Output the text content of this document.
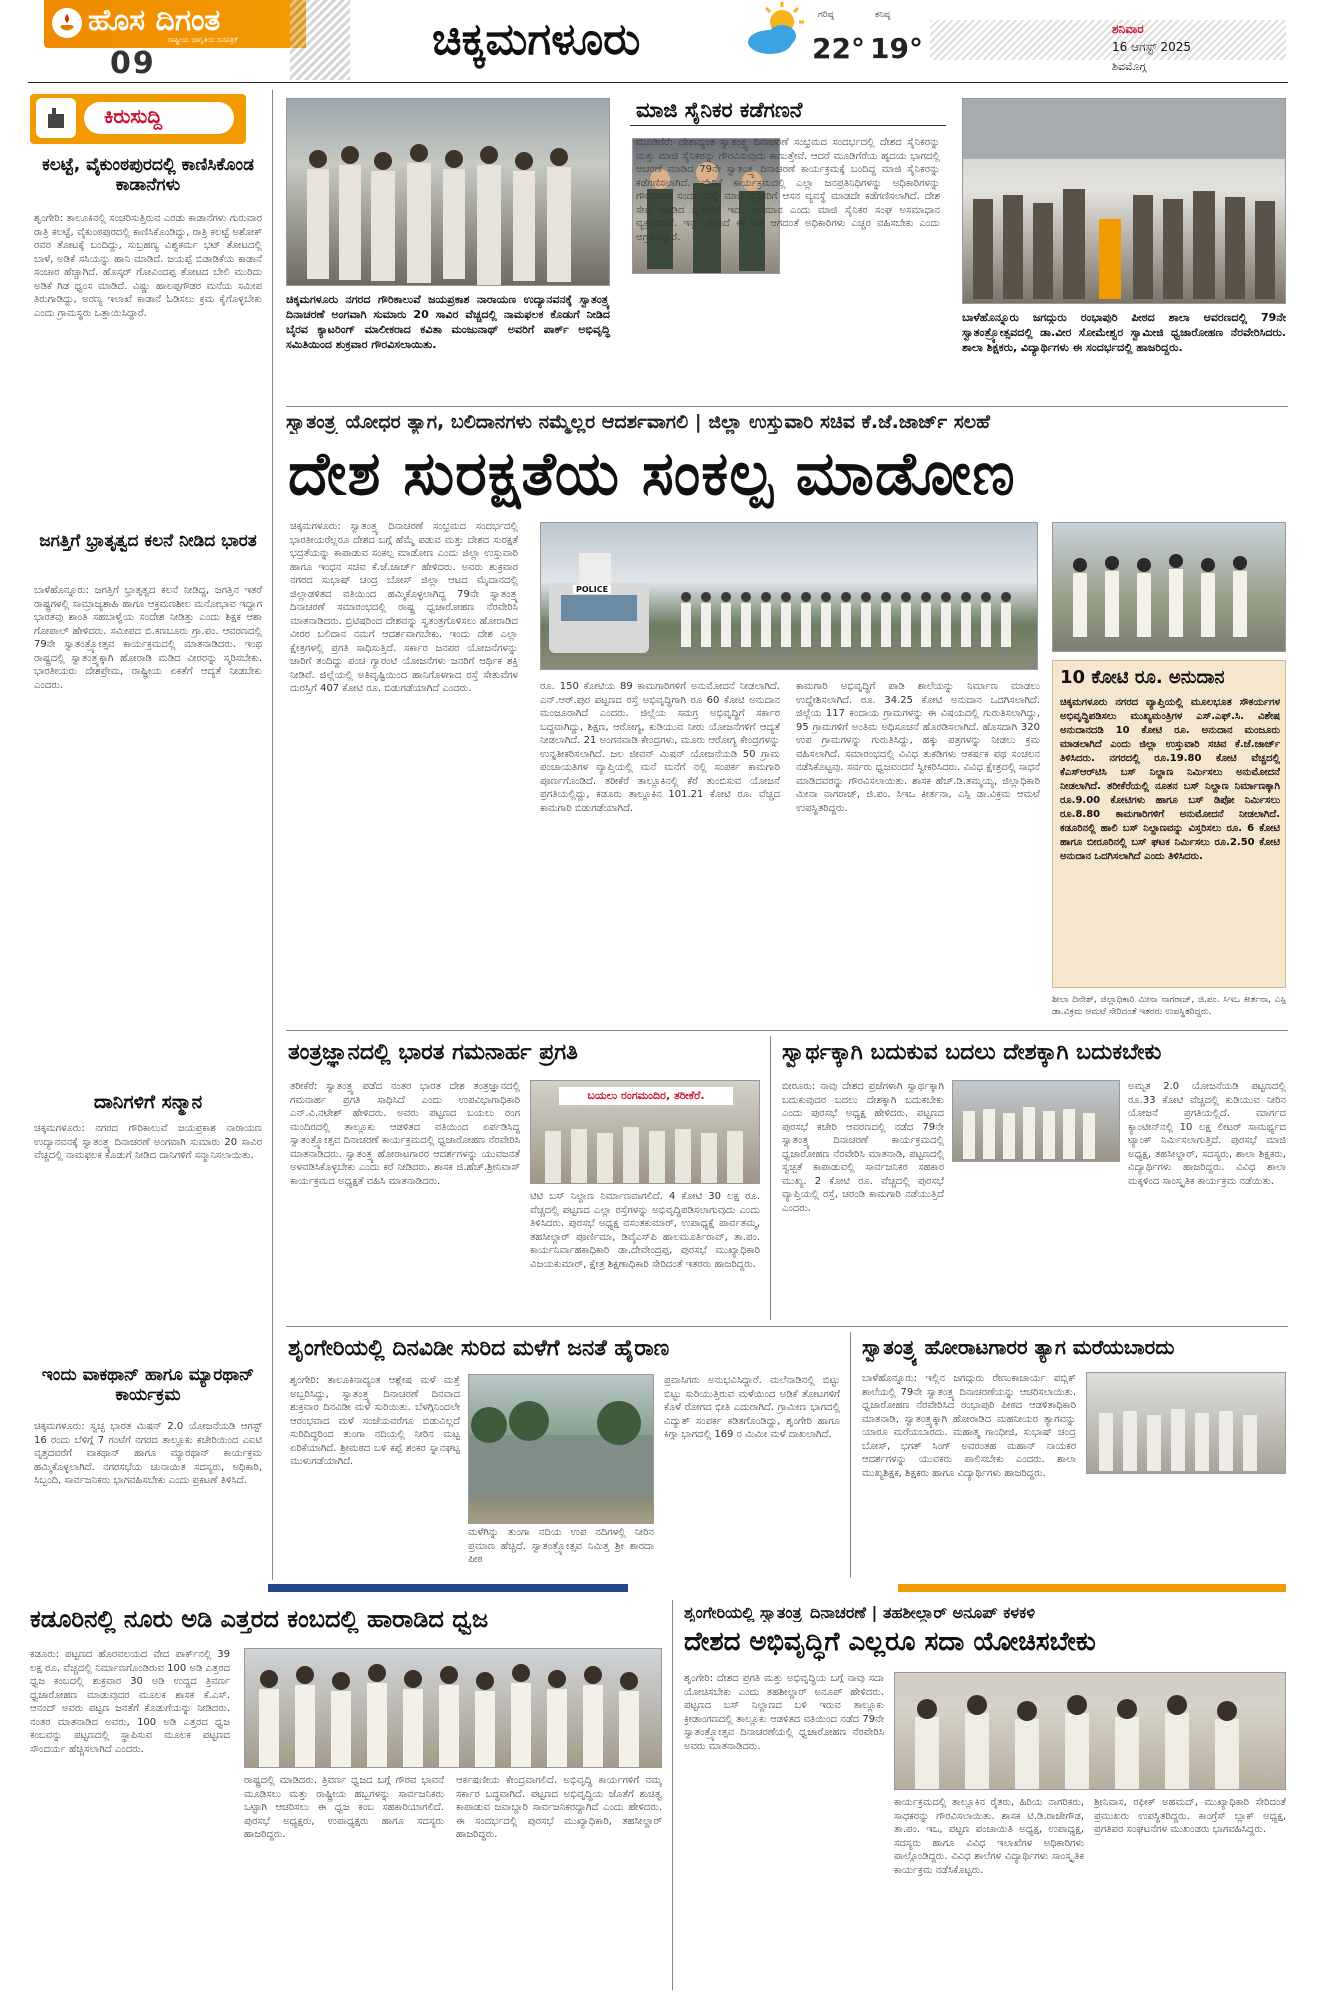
ಹೊಸ ದಿಗಂತ
ರಾಷ್ಟ್ರೀಯ ಜಾಗೃತಿಯ ದಿನಪತ್ರಿಕೆ
09	ಚಿಕ್ಕಮಗಳೂರು	ಗರಿಷ್ಠ
22°
ಕನಿಷ್ಠ
19°
ಶನಿವಾರ
16 ಆಗಸ್ಟ್ 2025
ಶಿವಮೊಗ್ಗ
ಕಿರುಸುದ್ದಿ
ಕಲಟ್ಟೆ, ವೈಕುಂಠಪುರದಲ್ಲಿ ಕಾಣಿಸಿಕೊಂಡ ಕಾಡಾನೆಗಳು
ಶೃಂಗೇರಿ: ತಾಲೂಕಿನಲ್ಲಿ ಸಂಚರಿಸುತ್ತಿರುವ ಎರಡು ಕಾಡಾನೆಗಳು ಗುರುವಾರ ರಾತ್ರಿ ಕಲಟ್ಟೆ, ವೈಕುಂಠಪುರದಲ್ಲಿ ಕಾಣಿಸಿಕೊಂಡಿದ್ದು, ರಾತ್ರಿ ಕಲಟ್ಟೆ ಅಶೋಕ್ ರವರ ತೋಟಕ್ಕೆ ಬಂದಿದ್ದು, ಸುಬ್ರಹಣ್ಯ ವಿಶ್ವಕರ್ಮ ಭಟ್ ತೋಟದಲ್ಲಿ ಬಾಳೆ, ಅಡಿಕೆ ಸಸಿಯನ್ನು ಹಾನಿ ಮಾಡಿದೆ. ಜಯಪ್ಪೆ ಬಿಡಾಡಿಕೆಯ ಕಾಡಾನೆ ಸಂಚಾರ ಹೆಚ್ಚಾಗಿದೆ. ಹೊಸ್ಕರ್ ಗೋವಿಂದಪ್ಪ ತೋಟದ ಬೇಲಿ ಮುರಿದು ಅಡಿಕೆ ಗಿಡ ಧ್ವಂಸ ಮಾಡಿದೆ. ವಿಷ್ಣು ಹಾಲಪ್ಪಗೌಡರ ಮನೆಯ ಸಮೀಪ ತಿರುಗಾಡಿದ್ದು, ಅರಣ್ಯ ಇಲಾಖೆ ಕಾಡಾನೆ ಓಡಿಸಲು ಕ್ರಮ ಕೈಗೊಳ್ಳಬೇಕು ಎಂದು ಗ್ರಾಮಸ್ಥರು ಒತ್ತಾಯಿಸಿದ್ದಾರೆ.
ಜಗತ್ತಿಗೆ ಭ್ರಾತೃತ್ವದ ಕಲನೆ ನೀಡಿದ ಭಾರತ
ಬಾಳೆಹೊನ್ನೂರು: ಜಗತ್ತಿಗೆ ಭ್ರಾತೃತ್ವದ ಕಲನೆ ನೀಡಿದ್ದ, ಜಗತ್ತಿನ ಇತರೆ ರಾಷ್ಟ್ರಗಳಲ್ಲಿ ಸಾಮ್ರಾಜ್ಯಶಾಹಿ ಹಾಗೂ ಆಕ್ರಮಣಶೀಲ ಮನೋಭಾವ ಇದ್ದಾಗ ಭಾರತವು ಶಾಂತಿ ಸಹಬಾಳ್ವೆಯ ಸಂದೇಶ ನೀಡಿತ್ತು ಎಂದು ಶಿಕ್ಷಕ ಆಶಾ ಗೋಪಾಲ್ ಹೇಳಿದರು. ಸಮೀಪದ ಬಿ.ಕಣಬೂರು ಗ್ರಾ.ಪಂ. ಆವರಣದಲ್ಲಿ 79ನೇ ಸ್ವಾತಂತ್ರ್ಯೋತ್ಸವ ಕಾರ್ಯಕ್ರಮದಲ್ಲಿ ಮಾತನಾಡಿದರು. ಇಂಥ ರಾಷ್ಟ್ರದಲ್ಲಿ ಸ್ವಾತಂತ್ರ್ಯಕ್ಕಾಗಿ ಹೋರಾಡಿ ಮಡಿದ ವೀರರನ್ನು ಸ್ಮರಿಸಬೇಕು. ಭಾರತೀಯರು ದೇಶಪ್ರೇಮ, ರಾಷ್ಟ್ರೀಯ ಏಕತೆಗೆ ಆದ್ಯತೆ ನೀಡಬೇಕು ಎಂದರು.
ದಾನಿಗಳಿಗೆ ಸನ್ಮಾನ
ಚಿಕ್ಕಮಗಳೂರು: ನಗರದ ಗೌರಿಕಾಲುವೆ ಜಯಪ್ರಕಾಶ ನಾರಾಯಣ ಉದ್ಯಾನವನಕ್ಕೆ ಸ್ವಾತಂತ್ರ್ಯ ದಿನಾಚರಣೆ ಅಂಗವಾಗಿ ಸುಮಾರು 20 ಸಾವಿರ ವೆಚ್ಚದಲ್ಲಿ ನಾಮಫಲಕ ಕೊಡುಗೆ ನೀಡಿದ ದಾನಿಗಳಿಗೆ ಸನ್ಮಾನಿಸಲಾಯಿತು.
ಇಂದು ವಾಕಥಾನ್ ಹಾಗೂ ಮ್ಯಾರಥಾನ್ ಕಾರ್ಯಕ್ರಮ
ಚಿಕ್ಕಮಗಳೂರು: ಸ್ವಚ್ಛ ಭಾರತ ಮಿಷನ್ 2.0 ಯೋಜನೆಯಡಿ ಆಗಸ್ಟ್ 16 ರಂದು ಬೆಳಿಗ್ಗೆ 7 ಗಂಟೆಗೆ ನಗರದ ತಾಲ್ಲೂಕು ಕಚೇರಿಯಿಂದ ಎಐಟಿ ವೃತ್ತದವರೆಗೆ ವಾಕಥಾನ್ ಹಾಗೂ ಮ್ಯಾರಥಾನ್ ಕಾರ್ಯಕ್ರಮ ಹಮ್ಮಿಕೊಳ್ಳಲಾಗಿದೆ. ನಗರಸಭೆಯ ಚುನಾಯಿತ ಸದಸ್ಯರು, ಅಧಿಕಾರಿ, ಸಿಬ್ಬಂದಿ, ಸಾರ್ವಜನಿಕರು ಭಾಗವಹಿಸಬೇಕು ಎಂದು ಪ್ರಕಟಣೆ ತಿಳಿಸಿದೆ.
ಚಿಕ್ಕಮಗಳೂರು ನಗರದ ಗೌರಿಕಾಲುವೆ ಜಯಪ್ರಕಾಶ ನಾರಾಯಣ ಉದ್ಯಾನವನಕ್ಕೆ ಸ್ವಾತಂತ್ರ್ಯ ದಿನಾಚರಣೆ ಅಂಗವಾಗಿ ಸುಮಾರು 20 ಸಾವಿರ ವೆಚ್ಚದಲ್ಲಿ ನಾಮಫಲಕ ಕೊಡುಗೆ ನೀಡಿದ ಬೈರವ ಕ್ಯಾಟರಿಂಗ್ ಮಾಲೀಕರಾದ ಕವಿತಾ ಮಂಜುನಾಥ್ ಅವರಿಗೆ ಪಾರ್ಕ್ ಅಭಿವೃದ್ಧಿ ಸಮಿತಿಯಿಂದ ಶುಕ್ರವಾರ ಗೌರವಿಸಲಾಯಿತು.
ಮಾಜಿ ಸೈನಿಕರ ಕಡೆಗಣನೆ
ಮೂಡಿಗೆರೆ: ದೇಶಾದ್ಯಂತ ಸ್ವಾತಂತ್ರ್ಯ ದಿನಾಚರಣೆ ಸಂಭ್ರಮದ ಸಂದರ್ಭದಲ್ಲಿ ದೇಶದ ಸೈನಿಕರನ್ನು ಮತ್ತು ಮಾಜಿ ಸೈನಿಕರನ್ನು ಗೌರವಿಸುವುದು ಕಾಣುತ್ತೇವೆ. ಆದರೆ ಮೂಡಿಗೆರೆಯ ಹೃದಯ ಭಾಗದಲ್ಲಿ ಆಚರಣೆ ಮಾಡಿದ 79ನೇ ಸ್ವಾತಂತ್ರ್ಯ ದಿನಾಚರಣೆ ಕಾರ್ಯಕ್ರಮಕ್ಕೆ ಬಂದಿದ್ದ ಮಾಜಿ ಸೈನಿಕರನ್ನು ಕಡೆಗಣಿಸಲಾಗಿದೆ. ವೇದಿಕೆ ಕಾರ್ಯಕ್ರಮದಲ್ಲಿ ಎಲ್ಲಾ ಜನಪ್ರತಿನಿಧಿಗಳನ್ನು ಅಧಿಕಾರಿಗಳನ್ನು ಗೌರವಿಸುವ ಸಂದರ್ಭದಲ್ಲಿ ಮಾಜಿ ಸೈನಿಕರಿಗೆ ಆಸನ ವ್ಯವಸ್ಥೆ ಮಾಡದೇ ಕಡೆಗಣಿಸಲಾಗಿದೆ. ದೇಶ ಸೇವೆ ಮಾಡಿದ ಸೈನಿಕರಿಗೆ ಇದು ಅವಮಾನ ಎಂದು ಮಾಜಿ ಸೈನಿಕರ ಸಂಘ ಅಸಮಾಧಾನ ವ್ಯಕ್ತಪಡಿಸಿದೆ. ಇನ್ನು ಮುಂದೆ ಈ ರೀತಿ ಆಗದಂತೆ ಅಧಿಕಾರಿಗಳು ಎಚ್ಚರ ವಹಿಸಬೇಕು ಎಂದು ಆಗ್ರಹಿಸಿದ್ದಾರೆ.
ಬಾಳೆಹೊನ್ನೂರು ಜಗದ್ಗುರು ರಂಭಾಪುರಿ ಪೀಠದ ಶಾಲಾ ಆವರಣದಲ್ಲಿ 79ನೇ ಸ್ವಾತಂತ್ರ್ಯೋತ್ಸವದಲ್ಲಿ ಡಾ.ವೀರ ಸೋಮೇಶ್ವರ ಸ್ವಾಮೀಜಿ ಧ್ವಜಾರೋಹಣ ನೆರವೇರಿಸಿದರು. ಶಾಲಾ ಶಿಕ್ಷಕರು, ವಿದ್ಯಾರ್ಥಿಗಳು ಈ ಸಂದರ್ಭದಲ್ಲಿ ಹಾಜರಿದ್ದರು.
ಸ್ವಾತಂತ್ರ್ಯ ಯೋಧರ ತ್ಯಾಗ, ಬಲಿದಾನಗಳು ನಮ್ಮೆಲ್ಲರ ಆದರ್ಶವಾಗಲಿ | ಜಿಲ್ಲಾ ಉಸ್ತುವಾರಿ ಸಚಿವ ಕೆ.ಜೆ.ಜಾರ್ಜ್ ಸಲಹೆ
ದೇಶ ಸುರಕ್ಷತೆಯ ಸಂಕಲ್ಪ ಮಾಡೋಣ
ಚಿಕ್ಕಮಗಳೂರು: ಸ್ವಾತಂತ್ರ್ಯ ದಿನಾಚರಣೆ ಸಂಭ್ರಮದ ಸಂದರ್ಭದಲ್ಲಿ ಭಾರತೀಯರೆಲ್ಲರೂ ದೇಶದ ಬಗ್ಗೆ ಹೆಮ್ಮೆ ಪಡುವ ಮತ್ತು ದೇಶದ ಸುರಕ್ಷತೆ ಭದ್ರತೆಯನ್ನು ಕಾಪಾಡುವ ಸಂಕಲ್ಪ ಮಾಡೋಣ ಎಂದು ಜಿಲ್ಲಾ ಉಸ್ತುವಾರಿ ಹಾಗೂ ಇಂಧನ ಸಚಿವ ಕೆ.ಜೆ.ಜಾರ್ಜ್ ಹೇಳಿದರು. ಅವರು ಶುಕ್ರವಾರ ನಗರದ ಸುಭಾಷ್ ಚಂದ್ರ ಬೋಸ್ ಜಿಲ್ಲಾ ಆಟದ ಮೈದಾನದಲ್ಲಿ ಜಿಲ್ಲಾಡಳಿತದ ವತಿಯಿಂದ ಹಮ್ಮಿಕೊಳ್ಳಲಾಗಿದ್ದ 79ನೇ ಸ್ವಾತಂತ್ರ್ಯ ದಿನಾಚರಣೆ ಸಮಾರಂಭದಲ್ಲಿ ರಾಷ್ಟ್ರ ಧ್ವಜಾರೋಹಣ ನೆರವೇರಿಸಿ ಮಾತನಾಡಿದರು. ಬ್ರಿಟಿಷರಿಂದ ದೇಶವನ್ನು ಸ್ವತಂತ್ರಗೊಳಿಸಲು ಹೋರಾಡಿದ ವೀರರ ಬಲಿದಾನ ನಮಗೆ ಆದರ್ಶವಾಗಬೇಕು. ಇಂದು ದೇಶ ಎಲ್ಲಾ ಕ್ಷೇತ್ರಗಳಲ್ಲಿ ಪ್ರಗತಿ ಸಾಧಿಸುತ್ತಿದೆ. ಸರ್ಕಾರ ಜನಪರ ಯೋಜನೆಗಳನ್ನು ಜಾರಿಗೆ ತಂದಿದ್ದು ಪಂಚ ಗ್ಯಾರಂಟಿ ಯೋಜನೆಗಳು ಜನರಿಗೆ ಆರ್ಥಿಕ ಶಕ್ತಿ ನೀಡಿವೆ. ಜಿಲ್ಲೆಯಲ್ಲಿ ಅತಿವೃಷ್ಟಿಯಿಂದ ಹಾನಿಗೊಳಗಾದ ರಸ್ತೆ ಸೇತುವೆಗಳ ದುರಸ್ತಿಗೆ 407 ಕೋಟಿ ರೂ. ಬಿಡುಗಡೆಯಾಗಿದೆ ಎಂದರು.
POLICE
ರೂ. 150 ಕೋಟಿಯ 89 ಕಾಮಗಾರಿಗಳಿಗೆ ಅನುಮೋದನೆ ನೀಡಲಾಗಿದೆ. ಎನ್.ಆರ್.ಪುರ ಪಟ್ಟಣದ ರಸ್ತೆ ಅಭಿವೃದ್ಧಿಗಾಗಿ ರೂ 60 ಕೋಟಿ ಅನುದಾನ ಮಂಜೂರಾಗಿದೆ ಎಂದರು. ಜಿಲ್ಲೆಯ ಸಮಗ್ರ ಅಭಿವೃದ್ಧಿಗೆ ಸರ್ಕಾರ ಬದ್ಧವಾಗಿದ್ದು, ಶಿಕ್ಷಣ, ಆರೋಗ್ಯ, ಕುಡಿಯುವ ನೀರು ಯೋಜನೆಗಳಿಗೆ ಆದ್ಯತೆ ನೀಡಲಾಗಿದೆ. 21 ಅಂಗನವಾಡಿ ಕೇಂದ್ರಗಳು, ಮೂರು ಆರೋಗ್ಯ ಕೇಂದ್ರಗಳನ್ನು ಉನ್ನತೀಕರಿಸಲಾಗಿದೆ. ಜಲ ಜೀವನ್ ಮಿಷನ್ ಯೋಜನೆಯಡಿ 50 ಗ್ರಾಮ ಪಂಚಾಯತಿಗಳ ವ್ಯಾಪ್ತಿಯಲ್ಲಿ ಮನೆ ಮನೆಗೆ ನಲ್ಲಿ ಸಂಪರ್ಕ ಕಾಮಗಾರಿ ಪೂರ್ಣಗೊಂಡಿದೆ. ತರೀಕೆರೆ ತಾಲ್ಲೂಕಿನಲ್ಲಿ ಕೆರೆ ತುಂಬಿಸುವ ಯೋಜನೆ ಪ್ರಗತಿಯಲ್ಲಿದ್ದು, ಕಡೂರು ತಾಲ್ಲೂಕಿನ 101.21 ಕೋಟಿ ರೂ. ವೆಚ್ಚದ ಕಾಮಗಾರಿ ಬಿಡುಗಡೆಯಾಗಿದೆ.
ಕಾಮಗಾರಿ ಅಭಿವೃದ್ಧಿಗೆ ಪಾಡಿ ಶಾಲೆಯನ್ನು ನಿರ್ಮಾಣ ಮಾಡಲು ಉದ್ದೇಶಿಸಲಾಗಿದೆ. ರೂ. 34.25 ಕೋಟಿ ಅನುದಾನ ಒದಗಿಸಲಾಗಿದೆ. ಜಿಲ್ಲೆಯ 117 ಕಂದಾಯ ಗ್ರಾಮಗಳನ್ನು ಈ ವಿಷಯದಲ್ಲಿ ಗುರುತಿಸಲಾಗಿದ್ದು, 95 ಗ್ರಾಮಗಳಿಗೆ ಅಂತಿಮ ಅಧಿಸೂಚನೆ ಹೊರಡಿಸಲಾಗಿದೆ. ಹೊಸದಾಗಿ 320 ಉಪ ಗ್ರಾಮಗಳನ್ನು ಗುರುತಿಸಿದ್ದು, ಹಕ್ಕು ಪತ್ರಗಳನ್ನು ನೀಡಲು ಕ್ರಮ ವಹಿಸಲಾಗಿದೆ. ಸಮಾರಂಭದಲ್ಲಿ ವಿವಿಧ ತುಕಡಿಗಳು ಆಕರ್ಷಕ ಪಥ ಸಂಚಲನ ನಡೆಸಿಕೊಟ್ಟವು. ಸರ್ವರು ಧ್ವಜವಂದನೆ ಸ್ವೀಕರಿಸಿದರು. ವಿವಿಧ ಕ್ಷೇತ್ರದಲ್ಲಿ ಸಾಧನೆ ಮಾಡಿದವರನ್ನು ಗೌರವಿಸಲಾಯಿತು. ಶಾಸಕ ಹೆಚ್.ಡಿ.ತಮ್ಮಯ್ಯ, ಜಿಲ್ಲಾಧಿಕಾರಿ ಮೀನಾ ನಾಗರಾಜ್, ಜಿ.ಪಂ. ಸಿಇಒ ಕೀರ್ತನಾ, ಎಸ್ಪಿ ಡಾ.ವಿಕ್ರಮ ಆಮಟೆ ಉಪಸ್ಥಿತರಿದ್ದರು.
10 ಕೋಟಿ ರೂ. ಅನುದಾನ
ಚಿಕ್ಕಮಗಳೂರು ನಗರದ ವ್ಯಾಪ್ತಿಯಲ್ಲಿ ಮೂಲಭೂತ ಸೌಕರ್ಯಗಳ ಅಭಿವೃದ್ಧಿಪಡಿಸಲು ಮುಖ್ಯಮಂತ್ರಿಗಳ ಎಸ್.ಎಫ್.ಸಿ. ವಿಶೇಷ ಅನುದಾನದಡಿ 10 ಕೋಟಿ ರೂ. ಅನುದಾನ ಮಂಜೂರು ಮಾಡಲಾಗಿದೆ ಎಂದು ಜಿಲ್ಲಾ ಉಸ್ತುವಾರಿ ಸಚಿವ ಕೆ.ಜೆ.ಜಾರ್ಜ್ ತಿಳಿಸಿದರು. ನಗರದಲ್ಲಿ ರೂ.19.80 ಕೋಟಿ ವೆಚ್ಚದಲ್ಲಿ ಕೆಎಸ್ಆರ್‌ಟಿಸಿ ಬಸ್ ನಿಲ್ದಾಣ ನಿರ್ಮಿಸಲು ಅನುಮೋದನೆ ನೀಡಲಾಗಿದೆ. ತರೀಕೆರೆಯಲ್ಲಿ ನೂತನ ಬಸ್ ನಿಲ್ದಾಣ ನಿರ್ಮಾಣಕ್ಕಾಗಿ ರೂ.9.00 ಕೋಟಿಗಳು ಹಾಗೂ ಬಸ್ ಡಿಪೋ ನಿರ್ಮಿಸಲು ರೂ.8.80 ಕಾಮಗಾರಿಗಳಿಗೆ ಅನುಮೋದನೆ ನೀಡಲಾಗಿದೆ. ಕಡೂರಿನಲ್ಲಿ ಹಾಲಿ ಬಸ್ ನಿಲ್ದಾಣವನ್ನು ವಿಸ್ತರಿಸಲು ರೂ. 6 ಕೋಟಿ ಹಾಗೂ ಬೀರೂರಿನಲ್ಲಿ ಬಸ್ ಘಟಕ ನಿರ್ಮಿಸಲು ರೂ.2.50 ಕೋಟಿ ಅನುದಾನ ಒದಗಿಸಲಾಗಿದೆ ಎಂದು ತಿಳಿಸಿದರು.
ಶೀಲಾ ದಿನೇಶ್, ಜಿಲ್ಲಾಧಿಕಾರಿ ಮೀನಾ ನಾಗರಾಜ್, ಜಿ.ಪಂ. ಸಿಇಒ ಕೀರ್ತನಾ, ಎಸ್ಪಿ ಡಾ.ವಿಕ್ರಮ ಆಮಟೆ ಸೇರಿದಂತೆ ಇತರರು ಉಪಸ್ಥಿತರಿದ್ದರು.
ತಂತ್ರಜ್ಞಾನದಲ್ಲಿ ಭಾರತ ಗಮನಾರ್ಹ ಪ್ರಗತಿ
ತರೀಕೆರೆ: ಸ್ವಾತಂತ್ರ್ಯ ಪಡೆದ ನಂತರ ಭಾರತ ದೇಶ ತಂತ್ರಜ್ಞಾನದಲ್ಲಿ ಗಮನಾರ್ಹ ಪ್ರಗತಿ ಸಾಧಿಸಿದೆ ಎಂದು ಉಪವಿಭಾಗಾಧಿಕಾರಿ ಎನ್.ವಿ.ನಟೇಶ್ ಹೇಳಿದರು. ಅವರು ಪಟ್ಟಣದ ಬಯಲು ರಂಗ ಮಂದಿರದಲ್ಲಿ ತಾಲ್ಲೂಕು ಆಡಳಿತದ ವತಿಯಿಂದ ಏರ್ಪಡಿಸಿದ್ದ ಸ್ವಾತಂತ್ರ್ಯೋತ್ಸವ ದಿನಾಚರಣೆ ಕಾರ್ಯಕ್ರಮದಲ್ಲಿ ಧ್ವಜಾರೋಹಣ ನೆರವೇರಿಸಿ ಮಾತನಾಡಿದರು. ಸ್ವಾತಂತ್ರ್ಯ ಹೋರಾಟಗಾರರ ಆದರ್ಶಗಳನ್ನು ಯುವಜನತೆ ಅಳವಡಿಸಿಕೊಳ್ಳಬೇಕು ಎಂದು ಕರೆ ನೀಡಿದರು. ಶಾಸಕ ಜಿ.ಹೆಚ್.ಶ್ರೀನಿವಾಸ್ ಕಾರ್ಯಕ್ರಮದ ಅಧ್ಯಕ್ಷತೆ ವಹಿಸಿ ಮಾತನಾಡಿದರು.
ಬಯಲು ರಂಗಮಂದಿರ, ತರೀಕೆರೆ.
ಟಿಟಿ ಬಸ್ ನಿಲ್ದಾಣ ನಿರ್ಮಾಣವಾಗಲಿದೆ. 4 ಕೋಟಿ 30 ಲಕ್ಷ ರೂ. ವೆಚ್ಚದಲ್ಲಿ ಪಟ್ಟಣದ ಎಲ್ಲಾ ರಸ್ತೆಗಳನ್ನು ಅಭಿವೃದ್ಧಿಪಡಿಸಲಾಗುವುದು ಎಂದು ತಿಳಿಸಿದರು. ಪುರಸಭೆ ಅಧ್ಯಕ್ಷ ವಸಂತಕುಮಾರ್, ಉಪಾಧ್ಯಕ್ಷೆ ಪಾರ್ವತಮ್ಮ, ತಹಸೀಲ್ದಾರ್ ಪೂರ್ಣಿಮಾ, ಡಿವೈಎಸ್‌ಪಿ ಹಾಲಮೂರ್ತಿರಾವ್, ತಾ.ಪಂ. ಕಾರ್ಯನಿರ್ವಾಹಕಾಧಿಕಾರಿ ಡಾ.ದೇವೇಂದ್ರಪ್ಪ, ಪುರಸಭೆ ಮುಖ್ಯಾಧಿಕಾರಿ ವಿಜಯಕುಮಾರ್, ಕ್ಷೇತ್ರ ಶಿಕ್ಷಣಾಧಿಕಾರಿ ಸೇರಿದಂತೆ ಇತರರು ಹಾಜರಿದ್ದರು.
ಸ್ವಾರ್ಥಕ್ಕಾಗಿ ಬದುಕುವ ಬದಲು ದೇಶಕ್ಕಾಗಿ ಬದುಕಬೇಕು
ಬೀರೂರು: ನಾವು ದೇಶದ ಪ್ರಜೆಗಳಾಗಿ ಸ್ವಾರ್ಥಕ್ಕಾಗಿ ಬದುಕುವುದರ ಬದಲು ದೇಶಕ್ಕಾಗಿ ಬದುಕಬೇಕು ಎಂದು ಪುರಸಭೆ ಅಧ್ಯಕ್ಷ ಹೇಳಿದರು. ಪಟ್ಟಣದ ಪುರಸಭೆ ಕಚೇರಿ ಆವರಣದಲ್ಲಿ ನಡೆದ 79ನೇ ಸ್ವಾತಂತ್ರ್ಯ ದಿನಾಚರಣೆ ಕಾರ್ಯಕ್ರಮದಲ್ಲಿ ಧ್ವಜಾರೋಹಣ ನೆರವೇರಿಸಿ ಮಾತನಾಡಿ, ಪಟ್ಟಣದಲ್ಲಿ ಸ್ವಚ್ಛತೆ ಕಾಪಾಡುವಲ್ಲಿ ಸಾರ್ವಜನಿಕರ ಸಹಕಾರ ಮುಖ್ಯ. 2 ಕೋಟಿ ರೂ. ವೆಚ್ಚದಲ್ಲಿ ಪುರಸಭೆ ವ್ಯಾಪ್ತಿಯಲ್ಲಿ ರಸ್ತೆ, ಚರಂಡಿ ಕಾಮಗಾರಿ ನಡೆಯುತ್ತಿದೆ ಎಂದರು.
ಅಮೃತ 2.0 ಯೋಜನೆಯಡಿ ಪಟ್ಟಣದಲ್ಲಿ ರೂ.33 ಕೋಟಿ ವೆಚ್ಚದಲ್ಲಿ ಕುಡಿಯುವ ನೀರಿನ ಯೋಜನೆ ಪ್ರಗತಿಯಲ್ಲಿದೆ. ಮಾರ್ಗದ ಕ್ಯಾಂಟೀನ್‌ನಲ್ಲಿ 10 ಲಕ್ಷ ಲೀಟರ್ ಸಾಮರ್ಥ್ಯದ ಟ್ಯಾಂಕ್ ನಿರ್ಮಿಸಲಾಗುತ್ತಿದೆ. ಪುರಸಭೆ ಮಾಜಿ ಅಧ್ಯಕ್ಷ, ತಹಸೀಲ್ದಾರ್, ಸದಸ್ಯರು, ಶಾಲಾ ಶಿಕ್ಷಕರು, ವಿದ್ಯಾರ್ಥಿಗಳು ಹಾಜರಿದ್ದರು. ವಿವಿಧ ಶಾಲಾ ಮಕ್ಕಳಿಂದ ಸಾಂಸ್ಕೃತಿಕ ಕಾರ್ಯಕ್ರಮ ನಡೆಯಿತು.
ಶೃಂಗೇರಿಯಲ್ಲಿ ದಿನವಿಡೀ ಸುರಿದ ಮಳೆಗೆ ಜನತೆ ಹೈರಾಣ
ಶೃಂಗೇರಿ: ತಾಲೂಕಿನಾದ್ಯಂತ ಆಶ್ಲೇಷ ಮಳೆ ಮತ್ತೆ ಅಬ್ಬರಿಸಿದ್ದು, ಸ್ವಾತಂತ್ರ್ಯ ದಿನಾಚರಣೆ ದಿನವಾದ ಶುಕ್ರವಾರ ದಿನವಿಡೀ ಮಳೆ ಸುರಿಯಿತು. ಬೆಳಗ್ಗಿನಿಂದಲೇ ಆರಂಭವಾದ ಮಳೆ ಸಂಜೆಯವರೆಗೂ ಬಿಡುವಿಲ್ಲದೆ ಸುರಿದಿದ್ದರಿಂದ ತುಂಗಾ ನದಿಯಲ್ಲಿ ನೀರಿನ ಮಟ್ಟ ಏರಿಕೆಯಾಗಿದೆ. ಶ್ರೀಮಠದ ಬಳಿ ಕಪ್ಪೆ ಶಂಕರ ಸ್ನಾನಘಟ್ಟ ಮುಳುಗಡೆಯಾಗಿದೆ.
ಮಳೆಗಿನ್ನು ತುಂಗಾ ನದಿಯ ಉಪ ನದಿಗಳಲ್ಲಿ ನೀರಿನ ಪ್ರಮಾಣ ಹೆಚ್ಚಿದೆ. ಸ್ವಾತಂತ್ರ್ಯೋತ್ಸವ ನಿಮಿತ್ತ ಶ್ರೀ ಶಾರದಾ ಪೀಠ
ಪ್ರವಾಸಿಗರು ಅನುಭವಿಸಿದ್ದಾರೆ. ಮಲೆನಾಡಿನಲ್ಲಿ ಬಿಟ್ಟು ಬಿಟ್ಟು ಸುರಿಯುತ್ತಿರುವ ಮಳೆಯಿಂದ ಅಡಿಕೆ ತೋಟಗಳಿಗೆ ಕೊಳೆ ರೋಗದ ಭೀತಿ ಎದುರಾಗಿದೆ. ಗ್ರಾಮೀಣ ಭಾಗದಲ್ಲಿ ವಿದ್ಯುತ್ ಸಂಪರ್ಕ ಕಡಿತಗೊಂಡಿದ್ದು, ಶೃಂಗೇರಿ ಹಾಗೂ ಕಿಗ್ಗಾ ಭಾಗದಲ್ಲಿ 169 ರ ಮಿಮೀ ಮಳೆ ದಾಖಲಾಗಿದೆ.
ಸ್ವಾತಂತ್ರ್ಯ ಹೋರಾಟಗಾರರ ತ್ಯಾಗ ಮರೆಯಬಾರದು
ಬಾಳೆಹೊನ್ನೂರು: ಇಲ್ಲಿನ ಜಗದ್ಗುರು ರೇಣುಕಾಚಾರ್ಯ ಪಬ್ಲಿಕ್ ಶಾಲೆಯಲ್ಲಿ 79ನೇ ಸ್ವಾತಂತ್ರ್ಯ ದಿನಾಚರಣೆಯನ್ನು ಆಚರಿಸಲಾಯಿತು. ಧ್ವಜಾರೋಹಣ ನೆರವೇರಿಸಿದ ರಂಭಾಪುರಿ ಪೀಠದ ಆಡಳಿತಾಧಿಕಾರಿ ಮಾತನಾಡಿ, ಸ್ವಾತಂತ್ರ್ಯಕ್ಕಾಗಿ ಹೋರಾಡಿದ ಮಹನೀಯರ ತ್ಯಾಗವನ್ನು ಯಾರೂ ಮರೆಯಬಾರದು. ಮಹಾತ್ಮ ಗಾಂಧೀಜಿ, ಸುಭಾಷ್ ಚಂದ್ರ ಬೋಸ್, ಭಗತ್ ಸಿಂಗ್ ಅವರಂತಹ ಮಹಾನ್ ನಾಯಕರ ಆದರ್ಶಗಳನ್ನು ಯುವಕರು ಪಾಲಿಸಬೇಕು ಎಂದರು. ಶಾಲಾ ಮುಖ್ಯಶಿಕ್ಷಕ, ಶಿಕ್ಷಕರು ಹಾಗೂ ವಿದ್ಯಾರ್ಥಿಗಳು ಹಾಜರಿದ್ದರು.
ಕಡೂರಿನಲ್ಲಿ ನೂರು ಅಡಿ ಎತ್ತರದ ಕಂಬದಲ್ಲಿ ಹಾರಾಡಿದ ಧ್ವಜ
ಕಡೂರು: ಪಟ್ಟಣದ ಹೊರವಲಯದ ವೇದ ಪಾರ್ಕ್‌ನಲ್ಲಿ 39 ಲಕ್ಷ ರೂ. ವೆಚ್ಚದಲ್ಲಿ ನಿರ್ಮಾಣಗೊಂಡಿರುವ 100 ಅಡಿ ಎತ್ತರದ ಧ್ವಜ ಕಂಬದಲ್ಲಿ ಶುಕ್ರವಾರ 30 ಅಡಿ ಉದ್ದದ ತ್ರಿವರ್ಣ ಧ್ವಜಾರೋಹಣ ಮಾಡುವುದರ ಮೂಲಕ ಶಾಸಕ ಕೆ.ಎಸ್. ಆನಂದ್ ಅವರು ಪಟ್ಟಣ ಜನತೆಗೆ ಕೊಡುಗೆಯನ್ನು ನೀಡಿದರು. ನಂತರ ಮಾತನಾಡಿದ ಅವರು, 100 ಅಡಿ ಎತ್ತರದ ಧ್ವಜ ಕಂಬವನ್ನು ಪಟ್ಟಣದಲ್ಲಿ ಸ್ಥಾಪಿಸುವ ಮೂಲಕ ಪಟ್ಟಣದ ಸೌಂದರ್ಯ ಹೆಚ್ಚಿಸಲಾಗಿದೆ ಎಂದರು.
ರಾಷ್ಟ್ರದಲ್ಲಿ ಮಾಡಿದರು. ತ್ರಿವರ್ಣ ಧ್ವಜದ ಬಗ್ಗೆ ಗೌರವ ಭಾವನೆ ಮೂಡಿಸಲು ಮತ್ತು ರಾಷ್ಟ್ರೀಯ ಹಬ್ಬಗಳನ್ನು ಸಾರ್ವಜನಿಕರು ಒಟ್ಟಾಗಿ ಆಚರಿಸಲು ಈ ಧ್ವಜ ಕಂಬ ಸಹಕಾರಿಯಾಗಲಿದೆ. ಪುರಸಭೆ ಅಧ್ಯಕ್ಷರು, ಉಪಾಧ್ಯಕ್ಷರು ಹಾಗೂ ಸದಸ್ಯರು ಹಾಜರಿದ್ದರು.
ಆರ್ಕಷಣೀಯ ಕೇಂದ್ರವಾಗಲಿದೆ. ಅಭಿವೃದ್ಧಿ ಕಾರ್ಯಗಳಿಗೆ ನಮ್ಮ ಸರ್ಕಾರ ಬದ್ಧವಾಗಿದೆ. ಪಟ್ಟಣದ ಅಭಿವೃದ್ಧಿಯ ಜೊತೆಗೆ ಶುಚಿತ್ವ ಕಾಪಾಡುವ ಜವಾಬ್ದಾರಿ ಸಾರ್ವಜನಿಕರದ್ದಾಗಿದೆ ಎಂದು ಹೇಳಿದರು. ಈ ಸಂದರ್ಭದಲ್ಲಿ ಪುರಸಭೆ ಮುಖ್ಯಾಧಿಕಾರಿ, ತಹಸೀಲ್ದಾರ್ ಹಾಜರಿದ್ದರು.
ಶೃಂಗೇರಿಯಲ್ಲಿ ಸ್ವಾತಂತ್ರ್ಯ ದಿನಾಚರಣೆ | ತಹಶೀಲ್ದಾರ್ ಅನೂಪ್ ಕಳಕಳಿ
ದೇಶದ ಅಭಿವೃದ್ಧಿಗೆ ಎಲ್ಲರೂ ಸದಾ ಯೋಚಿಸಬೇಕು
ಶೃಂಗೇರಿ: ದೇಶದ ಪ್ರಗತಿ ಮತ್ತು ಅಭಿವೃದ್ಧಿಯ ಬಗ್ಗೆ ನಾವು ಸದಾ ಯೋಚಿಸಬೇಕು ಎಂದು ತಹಶೀಲ್ದಾರ್ ಅನೂಪ್ ಹೇಳಿದರು. ಪಟ್ಟಣದ ಬಸ್ ನಿಲ್ದಾಣದ ಬಳಿ ಇರುವ ತಾಲ್ಲೂಕು ಕ್ರೀಡಾಂಗಣದಲ್ಲಿ ತಾಲ್ಲೂಕು ಆಡಳಿತದ ವತಿಯಿಂದ ನಡೆದ 79ನೇ ಸ್ವಾತಂತ್ರ್ಯೋತ್ಸವ ದಿನಾಚರಣೆಯಲ್ಲಿ ಧ್ವಜಾರೋಹಣ ನೆರವೇರಿಸಿ ಅವರು ಮಾತನಾಡಿದರು.
ಕಾರ್ಯಕ್ರಮದಲ್ಲಿ ತಾಲ್ಲೂಕಿನ ರೈತರು, ಹಿರಿಯ ನಾಗರಿಕರು, ಸಾಧಕರನ್ನು ಗೌರವಿಸಲಾಯಿತು. ಶಾಸಕ ಟಿ.ಡಿ.ರಾಜೇಗೌಡ, ತಾ.ಪಂ. ಇಒ, ಪಟ್ಟಣ ಪಂಚಾಯಿತಿ ಅಧ್ಯಕ್ಷ, ಉಪಾಧ್ಯಕ್ಷ, ಸದಸ್ಯರು ಹಾಗೂ ವಿವಿಧ ಇಲಾಖೆಗಳ ಅಧಿಕಾರಿಗಳು ಪಾಲ್ಗೊಂಡಿದ್ದರು. ವಿವಿಧ ಶಾಲೆಗಳ ವಿದ್ಯಾರ್ಥಿಗಳು ಸಾಂಸ್ಕೃತಿಕ ಕಾರ್ಯಕ್ರಮ ನಡೆಸಿಕೊಟ್ಟರು.
ಶ್ರೀನಿವಾಸ, ರಫೀಕ್ ಅಹಮದ್, ಮುಖ್ಯಾಧಿಕಾರಿ ಸೇರಿದಂತೆ ಪ್ರಮುಖರು ಉಪಸ್ಥಿತರಿದ್ದರು. ಕಾಂಗ್ರೆಸ್ ಬ್ಲಾಕ್ ಅಧ್ಯಕ್ಷ, ಪ್ರಗತಿಪರ ಸಂಘಟನೆಗಳ ಮುಖಂಡರು ಭಾಗವಹಿಸಿದ್ದರು.
